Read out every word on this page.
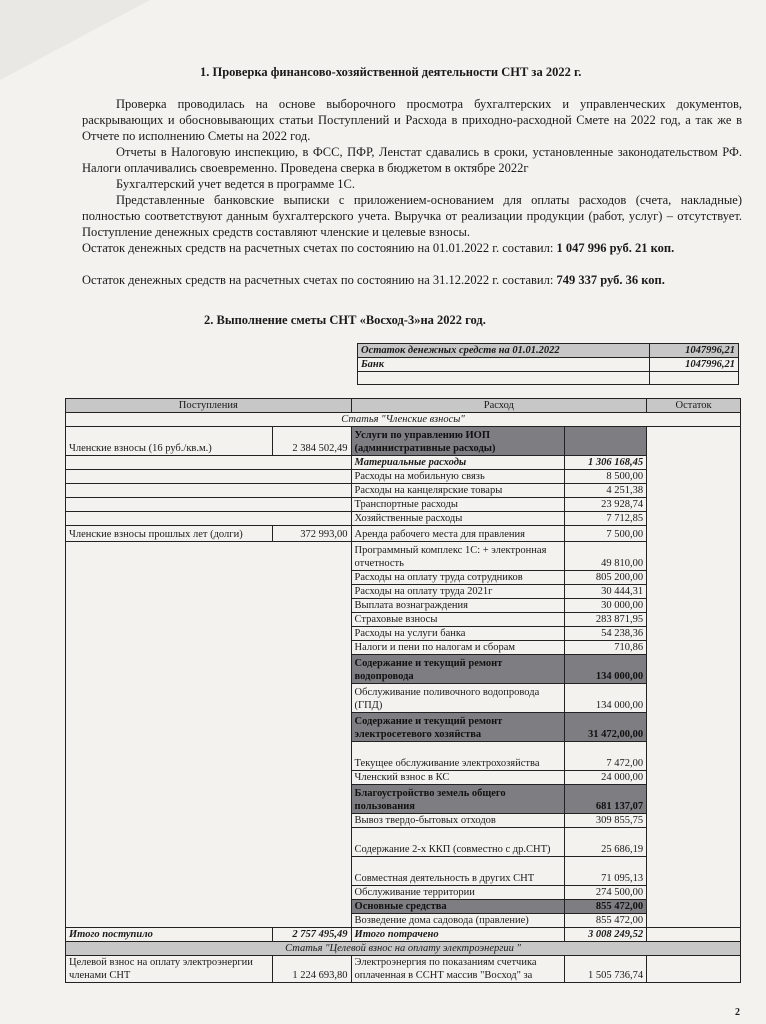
1. Проверка финансово-хозяйственной деятельности СНТ за 2022 г.
Проверка проводилась на основе выборочного просмотра бухгалтерских и управленческих документов, раскрывающих и обосновывающих статьи Поступлений и Расхода в приходно-расходной Смете на 2022 год, а так же в Отчете по исполнению Сметы на 2022 год.
Отчеты в Налоговую инспекцию, в ФСС, ПФР, Ленстат сдавались в сроки, установленные законодательством РФ. Налоги оплачивались своевременно. Проведена сверка в бюджетом в октябре 2022г
Бухгалтерский учет ведется в программе 1С.
Представленные банковские выписки с приложением-основанием для оплаты расходов (счета, накладные) полностью соответствуют данным бухгалтерского учета. Выручка от реализации продукции (работ, услуг) – отсутствует. Поступление денежных средств составляют членские и целевые взносы.
Остаток денежных средств на расчетных счетах по состоянию на 01.01.2022 г. составил: 1 047 996 руб. 21 коп.
Остаток денежных средств на расчетных счетах по состоянию на 31.12.2022 г. составил: 749 337 руб. 36 коп.
2. Выполнение сметы СНТ «Восход-3»на 2022 год.
Остаток денежных средств на 01.01.2022	1047996,21
Банк	1047996,21

Поступления		Расход		Остаток
Статья "Членские взносы"				
Членские взносы (16 руб./кв.м.)	2 384 502,49	Услуги по управлению ИОП (административные расходы)		
		Материальные расходы	1 306 168,45	
		Расходы на мобильную связь	8 500,00	
		Расходы на канцелярские товары	4 251,38	
		Транспортные расходы	23 928,74	
		Хозяйственные расходы	7 712,85	
Членские взносы прошлых лет (долги)	372 993,00	Аренда рабочего места для правления	7 500,00	
		Программный комплекс 1С: + электронная отчетность	49 810,00	
		Расходы на оплату труда сотрудников	805 200,00	
		Расходы на оплату труда 2021г	30 444,31	
		Выплата вознаграждения	30 000,00	
		Страховые взносы	283 871,95	
		Расходы на услуги банка	54 238,36	
		Налоги и пени по налогам и сборам	710,86	
		Содержание и текущий ремонт водопровода	134 000,00	
		Обслуживание поливочного водопровода (ГПД)	134 000,00	
		Содержание и текущий ремонт электросетевого хозяйства	31 472,00,00	
		Текущее обслуживание электрохозяйства	7 472,00	
		Членский взнос в КС	24 000,00	
		Благоустройство земель общего пользования	681 137,07	
		Вывоз твердо-бытовых отходов	309 855,75	
		Содержание 2-х ККП (совместно с др.СНТ)	25 686,19	
		Совместная деятельность в других СНТ	71 095,13	
		Обслуживание территории	274 500,00	
		Основные средства	855 472,00	
		Возведение дома садовода (правление)	855 472,00	
Итого поступило	2 757 495,49	Итого потрачено	3 008 249,52	
Статья "Целевой взнос на оплату электроэнергии "				
Целевой взнос на оплату электроэнергии членами СНТ	1 224 693,80	Электроэнергия по показаниям счетчика оплаченная в ССНТ массив "Восход" за	1 505 736,74	
2
